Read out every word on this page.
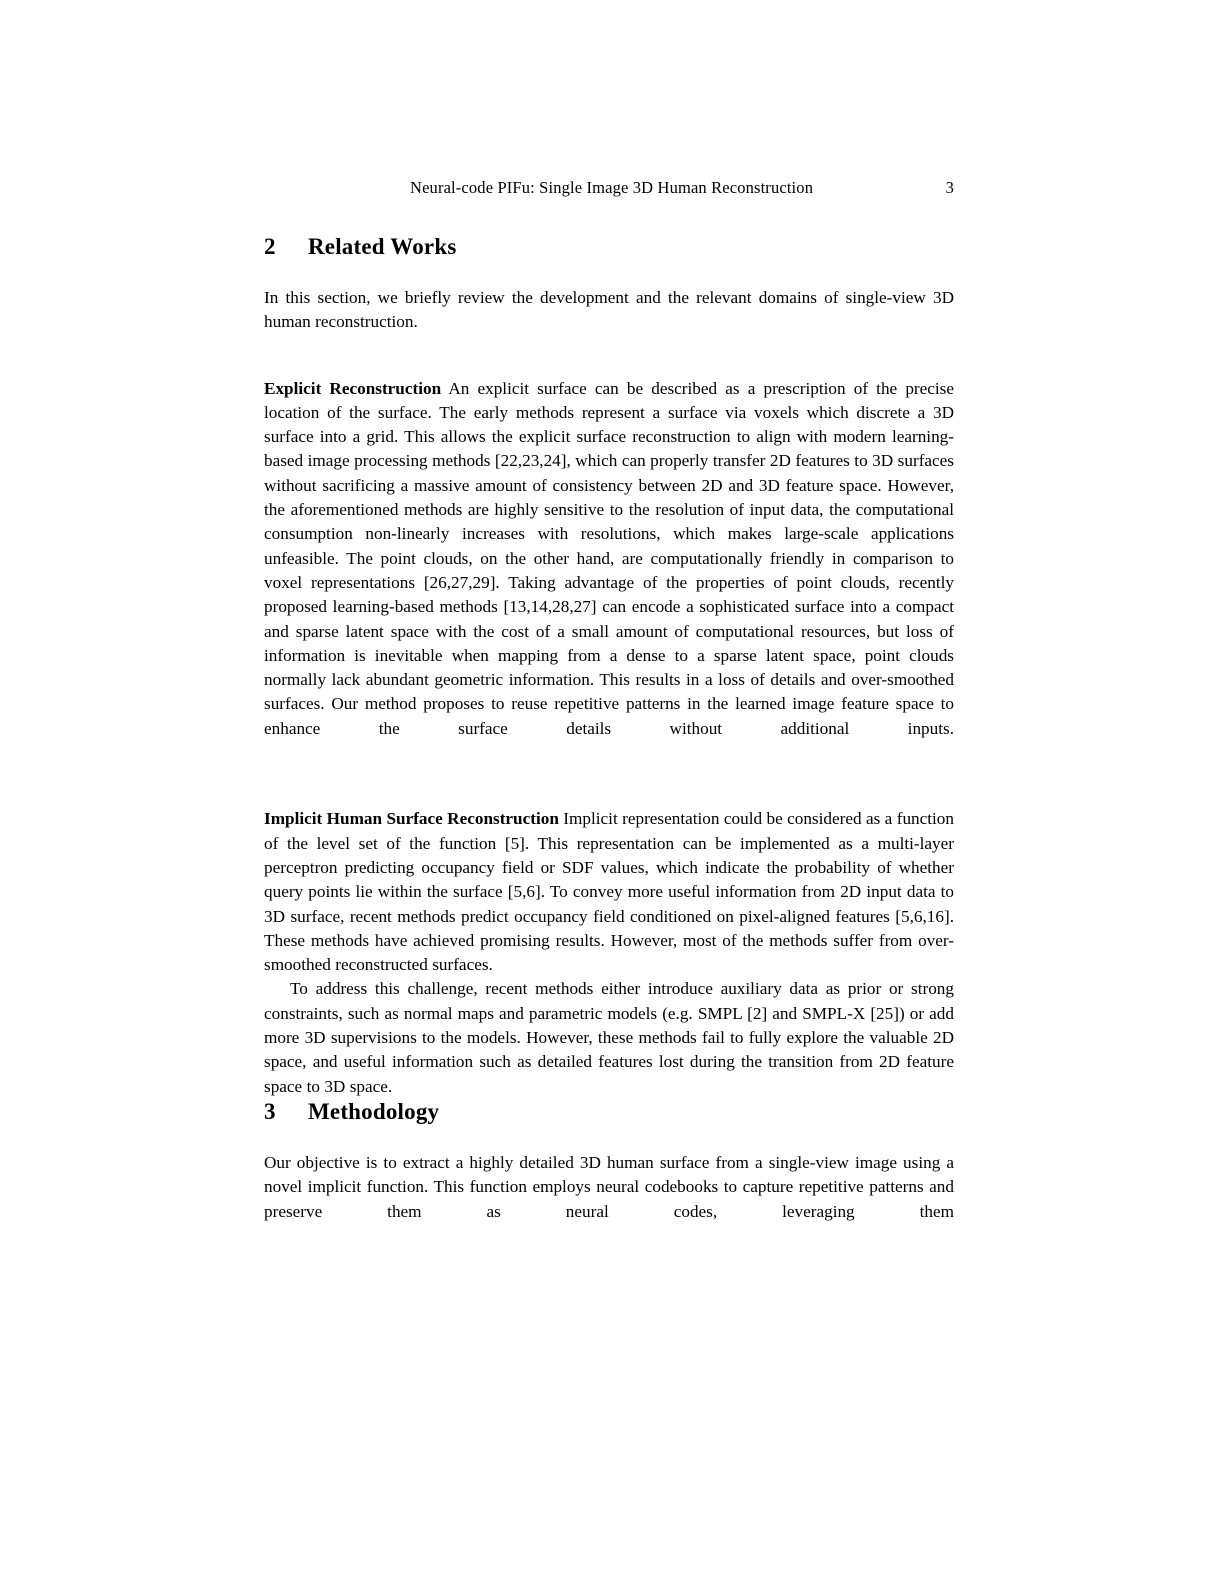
Neural-code PIFu: Single Image 3D Human Reconstruction	3
2	Related Works

In this section, we briefly review the development and the relevant domains of single-view 3D human reconstruction.

Explicit Reconstruction An explicit surface can be described as a prescription of the precise location of the surface. The early methods represent a surface via voxels which discrete a 3D surface into a grid. This allows the explicit surface reconstruction to align with modern learning-based image processing methods [22,23,24], which can properly transfer 2D features to 3D surfaces without sacrificing a massive amount of consistency between 2D and 3D feature space. However, the aforementioned methods are highly sensitive to the resolution of input data, the computational consumption non-linearly increases with resolutions, which makes large-scale applications unfeasible. The point clouds, on the other hand, are computationally friendly in comparison to voxel representations [26,27,29]. Taking advantage of the properties of point clouds, recently proposed learning-based methods [13,14,28,27] can encode a sophisticated surface into a compact and sparse latent space with the cost of a small amount of computational resources, but loss of information is inevitable when mapping from a dense to a sparse latent space, point clouds normally lack abundant geometric information. This results in a loss of details and over-smoothed surfaces. Our method proposes to reuse repetitive patterns in the learned image feature space to enhance the surface details without additional inputs.

Implicit Human Surface Reconstruction Implicit representation could be considered as a function of the level set of the function [5]. This representation can be implemented as a multi-layer perceptron predicting occupancy field or SDF values, which indicate the probability of whether query points lie within the surface [5,6]. To convey more useful information from 2D input data to 3D surface, recent methods predict occupancy field conditioned on pixel-aligned features [5,6,16]. These methods have achieved promising results. However, most of the methods suffer from over-smoothed reconstructed surfaces.

To address this challenge, recent methods either introduce auxiliary data as prior or strong constraints, such as normal maps and parametric models (e.g. SMPL [2] and SMPL-X [25]) or add more 3D supervisions to the models. However, these methods fail to fully explore the valuable 2D space, and useful information such as detailed features lost during the transition from 2D feature space to 3D space.

3	Methodology

Our objective is to extract a highly detailed 3D human surface from a single-view image using a novel implicit function. This function employs neural codebooks to capture repetitive patterns and preserve them as neural codes, leveraging them
